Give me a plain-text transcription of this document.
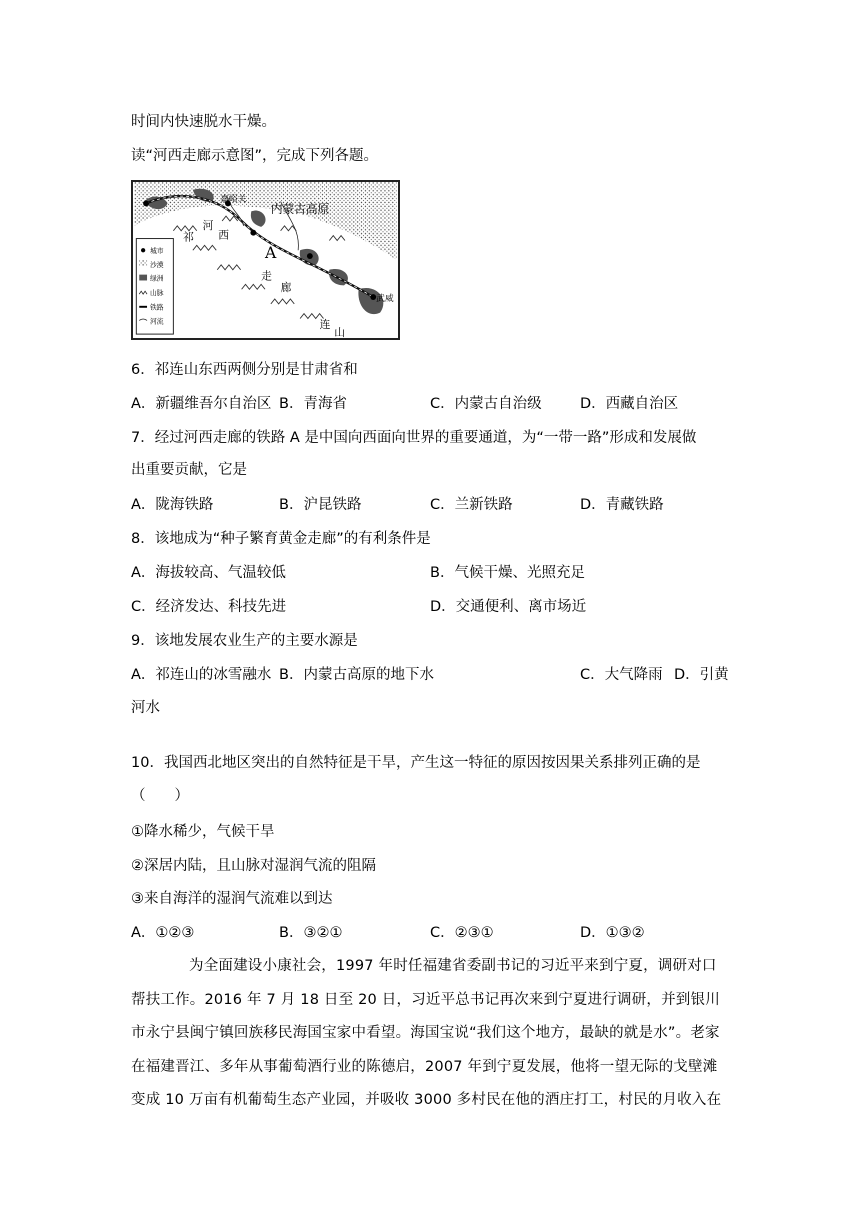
时间内快速脱水干燥。
读“河西走廊示意图”，完成下列各题。
嘉峪关
内蒙古高原
武威
A
祁
连
山
河
西
走
廊
城市
沙漠
绿洲
山脉
铁路
河流
6．祁连山东西两侧分别是甘肃省和
A．新疆维吾尔自治区 B．青海省	C．内蒙古自治级	D．西藏自治区
7．经过河西走廊的铁路 A 是中国向西面向世界的重要通道，为“一带一路”形成和发展做
出重要贡献，它是
A．陇海铁路	B．沪昆铁路	C．兰新铁路	D．青藏铁路
8．该地成为“种子繁育黄金走廊”的有利条件是
A．海拔较高、气温较低	B．气候干燥、光照充足
C．经济发达、科技先进	D．交通便利、离市场近
9．该地发展农业生产的主要水源是
A．祁连山的冰雪融水 B．内蒙古高原的地下水	C．大气降雨 D．引黄
河水
10．我国西北地区突出的自然特征是干旱，产生这一特征的原因按因果关系排列正确的是
（　　）
①降水稀少，气候干旱
②深居内陆，且山脉对湿润气流的阻隔
③来自海洋的湿润气流难以到达
A．①②③	B．③②①	C．②③①	D．①③②
为全面建设小康社会，1997 年时任福建省委副书记的习近平来到宁夏，调研对口帮扶工作。2016 年 7 月 18 日至 20 日，习近平总书记再次来到宁夏进行调研，并到银川市永宁县闽宁镇回族移民海国宝家中看望。海国宝说“我们这个地方，最缺的就是水”。老家在福建晋江、多年从事葡萄酒行业的陈德启，2007 年到宁夏发展，他将一望无际的戈壁滩变成 10 万亩有机葡萄生态产业园，并吸收 3000 多村民在他的酒庄打工，村民的月收入在
